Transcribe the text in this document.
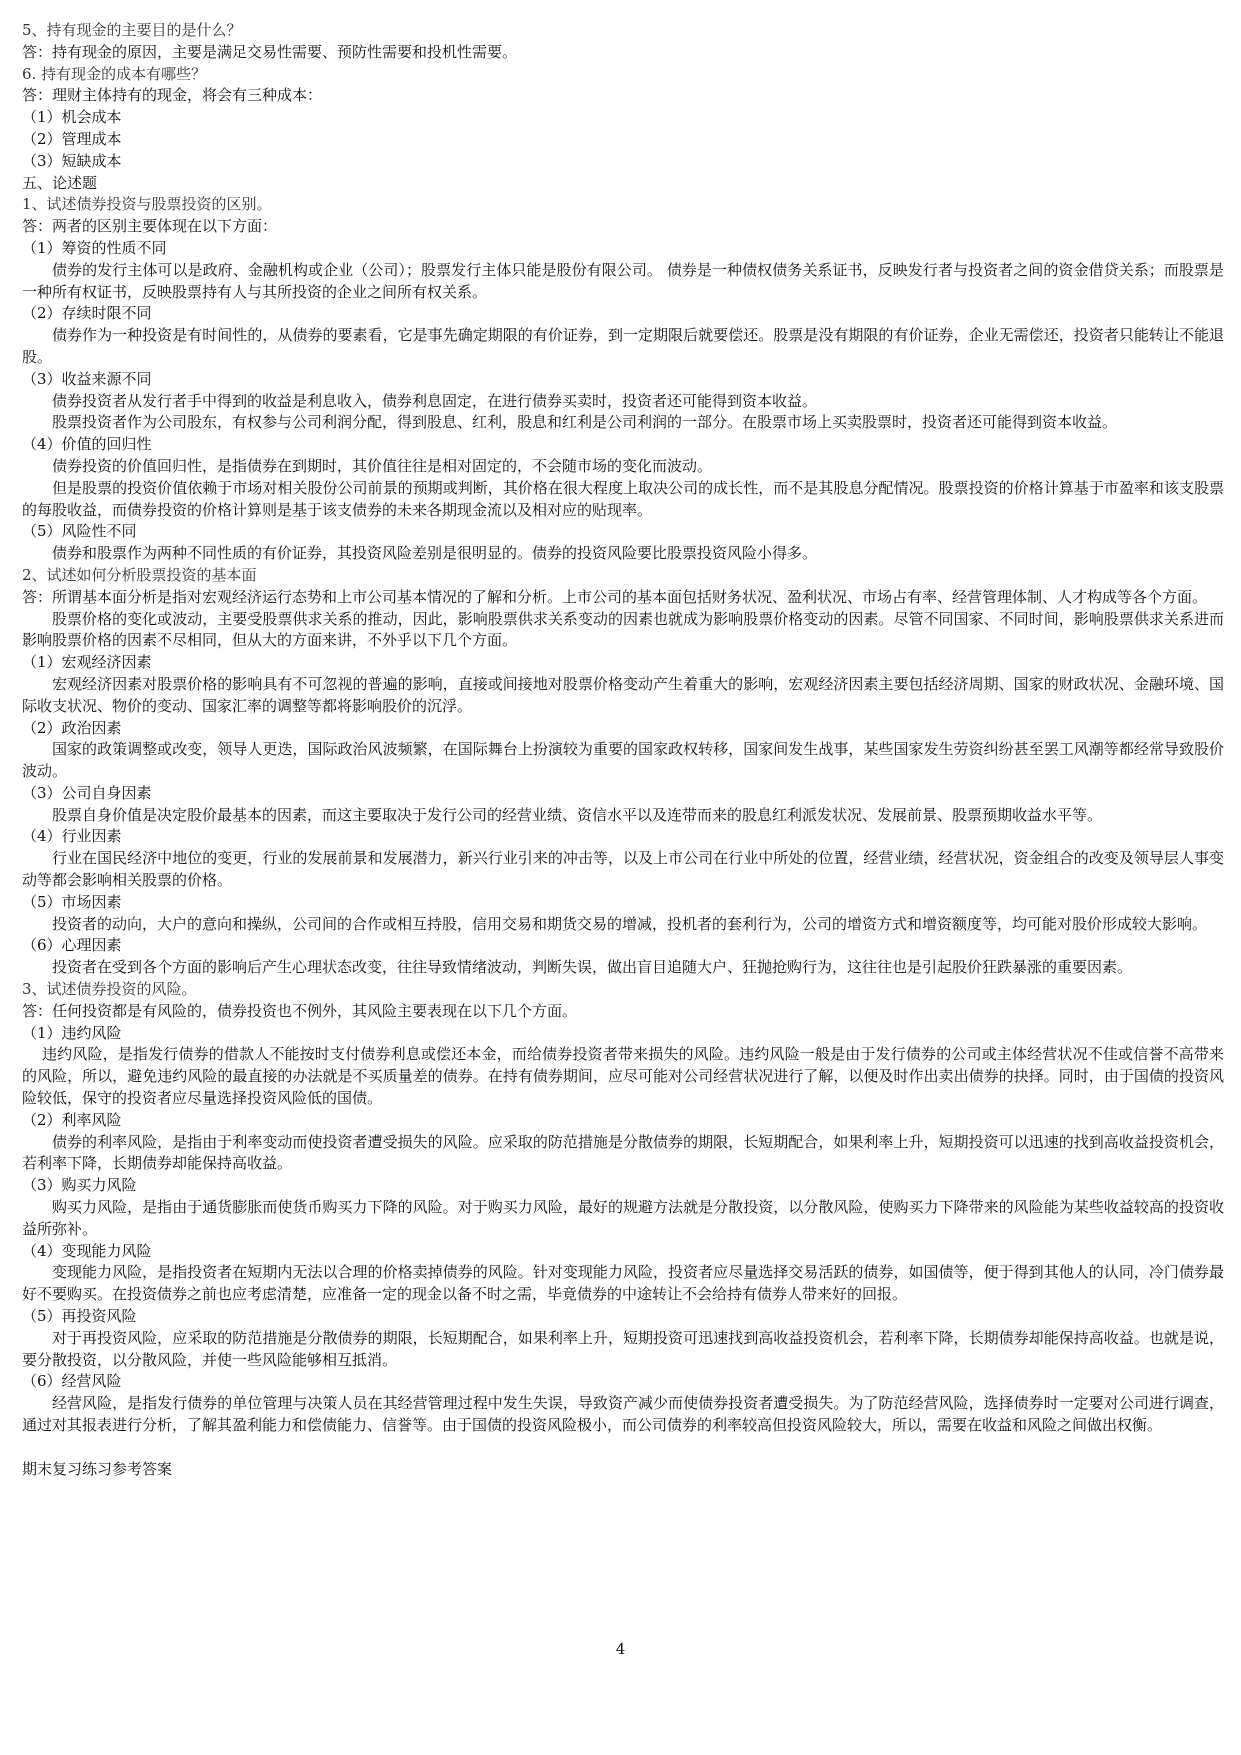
5、持有现金的主要目的是什么？
答：持有现金的原因，主要是满足交易性需要、预防性需要和投机性需要。
6. 持有现金的成本有哪些？
答：理财主体持有的现金，将会有三种成本：
（1）机会成本
（2）管理成本
（3）短缺成本
五、论述题
1、试述债券投资与股票投资的区别。
答：两者的区别主要体现在以下方面：
（1）筹资的性质不同
债券的发行主体可以是政府、金融机构或企业（公司）；股票发行主体只能是股份有限公司。 债券是一种债权债务关系证书，反映发行者与投资者之间的资金借贷关系；而股票是一种所有权证书，反映股票持有人与其所投资的企业之间所有权关系。
（2）存续时限不同
债券作为一种投资是有时间性的，从债券的要素看，它是事先确定期限的有价证券，到一定期限后就要偿还。股票是没有期限的有价证券，企业无需偿还，投资者只能转让不能退股。
（3）收益来源不同
债券投资者从发行者手中得到的收益是利息收入，债券利息固定，在进行债券买卖时，投资者还可能得到资本收益。
股票投资者作为公司股东，有权参与公司利润分配，得到股息、红利，股息和红利是公司利润的一部分。在股票市场上买卖股票时，投资者还可能得到资本收益。
（4）价值的回归性
债券投资的价值回归性，是指债券在到期时，其价值往往是相对固定的，不会随市场的变化而波动。
但是股票的投资价值依赖于市场对相关股份公司前景的预期或判断，其价格在很大程度上取决公司的成长性，而不是其股息分配情况。股票投资的价格计算基于市盈率和该支股票的每股收益，而债券投资的价格计算则是基于该支债券的未来各期现金流以及相对应的贴现率。
（5）风险性不同
债券和股票作为两种不同性质的有价证券，其投资风险差别是很明显的。债券的投资风险要比股票投资风险小得多。
2、试述如何分析股票投资的基本面
答：所谓基本面分析是指对宏观经济运行态势和上市公司基本情况的了解和分析。上市公司的基本面包括财务状况、盈利状况、市场占有率、经营管理体制、人才构成等各个方面。
股票价格的变化或波动，主要受股票供求关系的推动，因此，影响股票供求关系变动的因素也就成为影响股票价格变动的因素。尽管不同国家、不同时间，影响股票供求关系进而影响股票价格的因素不尽相同，但从大的方面来讲，不外乎以下几个方面。
（1）宏观经济因素
宏观经济因素对股票价格的影响具有不可忽视的普遍的影响，直接或间接地对股票价格变动产生着重大的影响，宏观经济因素主要包括经济周期、国家的财政状况、金融环境、国际收支状况、物价的变动、国家汇率的调整等都将影响股价的沉浮。
（2）政治因素
国家的政策调整或改变，领导人更迭，国际政治风波频繁，在国际舞台上扮演较为重要的国家政权转移，国家间发生战事，某些国家发生劳资纠纷甚至罢工风潮等都经常导致股价波动。
（3）公司自身因素
股票自身价值是决定股价最基本的因素，而这主要取决于发行公司的经营业绩、资信水平以及连带而来的股息红利派发状况、发展前景、股票预期收益水平等。
（4）行业因素
行业在国民经济中地位的变更，行业的发展前景和发展潜力，新兴行业引来的冲击等，以及上市公司在行业中所处的位置，经营业绩，经营状况，资金组合的改变及领导层人事变动等都会影响相关股票的价格。
（5）市场因素
投资者的动向，大户的意向和操纵，公司间的合作或相互持股，信用交易和期货交易的增减，投机者的套利行为，公司的增资方式和增资额度等，均可能对股价形成较大影响。
（6）心理因素
投资者在受到各个方面的影响后产生心理状态改变，往往导致情绪波动，判断失误，做出盲目追随大户、狂抛抢购行为，这往往也是引起股价狂跌暴涨的重要因素。
3、试述债券投资的风险。
答：任何投资都是有风险的，债券投资也不例外，其风险主要表现在以下几个方面。
（1）违约风险
违约风险，是指发行债券的借款人不能按时支付债券利息或偿还本金，而给债券投资者带来损失的风险。违约风险一般是由于发行债券的公司或主体经营状况不佳或信誉不高带来的风险，所以，避免违约风险的最直接的办法就是不买质量差的债券。在持有债券期间，应尽可能对公司经营状况进行了解，以便及时作出卖出债券的抉择。同时，由于国债的投资风险较低，保守的投资者应尽量选择投资风险低的国债。
（2）利率风险
债券的利率风险，是指由于利率变动而使投资者遭受损失的风险。应采取的防范措施是分散债券的期限，长短期配合，如果利率上升，短期投资可以迅速的找到高收益投资机会，若利率下降，长期债券却能保持高收益。
（3）购买力风险
购买力风险，是指由于通货膨胀而使货币购买力下降的风险。对于购买力风险，最好的规避方法就是分散投资，以分散风险，使购买力下降带来的风险能为某些收益较高的投资收益所弥补。
（4）变现能力风险
变现能力风险，是指投资者在短期内无法以合理的价格卖掉债券的风险。针对变现能力风险，投资者应尽量选择交易活跃的债券，如国债等，便于得到其他人的认同，冷门债券最好不要购买。在投资债券之前也应考虑清楚，应准备一定的现金以备不时之需，毕竟债券的中途转让不会给持有债券人带来好的回报。
（5）再投资风险
对于再投资风险，应采取的防范措施是分散债券的期限，长短期配合，如果利率上升，短期投资可迅速找到高收益投资机会，若利率下降，长期债券却能保持高收益。也就是说，要分散投资，以分散风险，并使一些风险能够相互抵消。
（6）经营风险
经营风险，是指发行债券的单位管理与决策人员在其经营管理过程中发生失误，导致资产减少而使债券投资者遭受损失。为了防范经营风险，选择债券时一定要对公司进行调查，通过对其报表进行分析，了解其盈利能力和偿债能力、信誉等。由于国债的投资风险极小，而公司债券的利率较高但投资风险较大，所以，需要在收益和风险之间做出权衡。
期末复习练习参考答案
4
